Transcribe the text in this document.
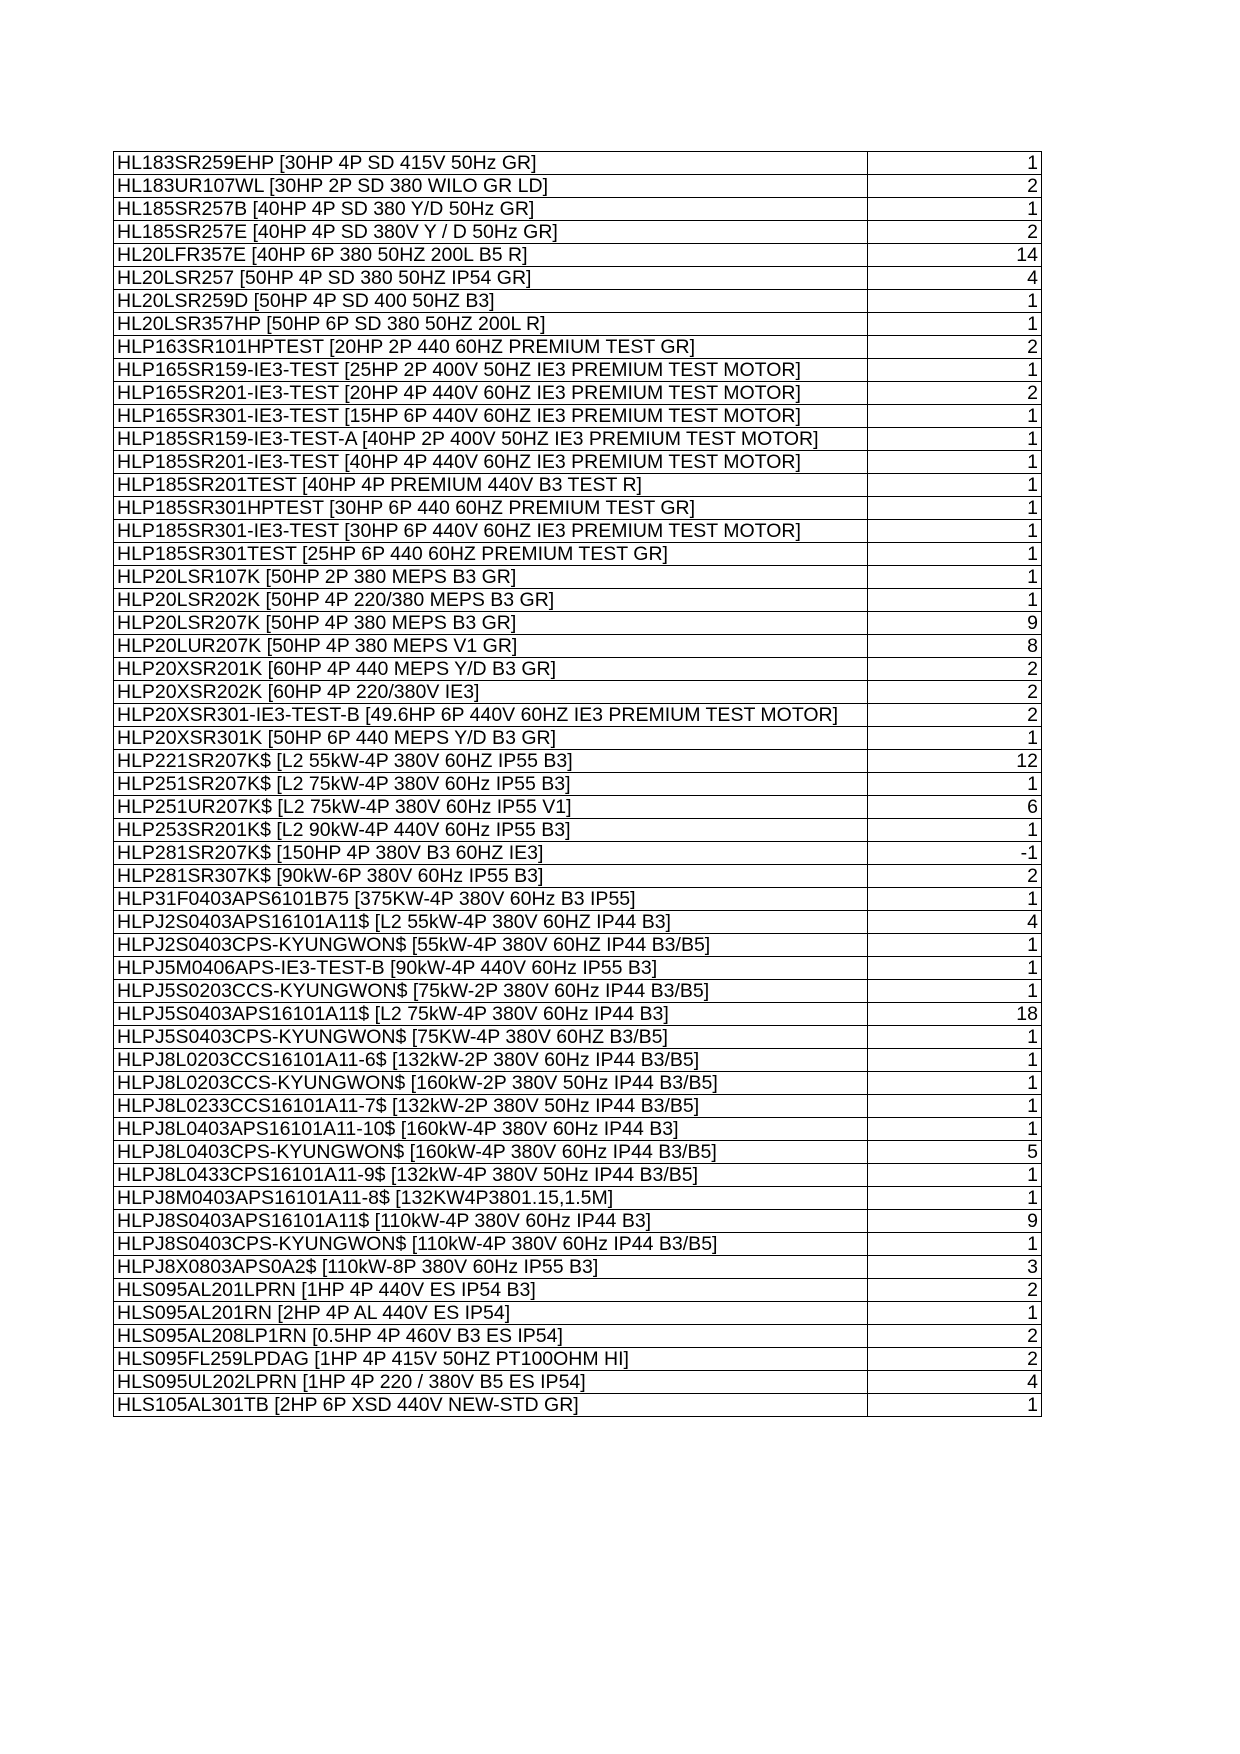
HL183SR259EHP [30HP 4P SD 415V 50Hz GR]	1
HL183UR107WL [30HP 2P SD 380 WILO GR LD]	2
HL185SR257B [40HP 4P SD 380 Y/D 50Hz GR]	1
HL185SR257E [40HP 4P SD 380V Y / D 50Hz GR]	2
HL20LFR357E [40HP 6P 380 50HZ 200L B5 R]	14
HL20LSR257 [50HP 4P SD 380 50HZ IP54 GR]	4
HL20LSR259D [50HP 4P SD 400 50HZ B3]	1
HL20LSR357HP [50HP 6P SD 380 50HZ 200L R]	1
HLP163SR101HPTEST [20HP 2P 440 60HZ PREMIUM TEST GR]	2
HLP165SR159-IE3-TEST [25HP 2P 400V 50HZ IE3 PREMIUM TEST MOTOR]	1
HLP165SR201-IE3-TEST [20HP 4P 440V 60HZ IE3 PREMIUM TEST MOTOR]	2
HLP165SR301-IE3-TEST [15HP 6P 440V 60HZ IE3 PREMIUM TEST MOTOR]	1
HLP185SR159-IE3-TEST-A [40HP 2P 400V 50HZ IE3 PREMIUM TEST MOTOR]	1
HLP185SR201-IE3-TEST [40HP 4P 440V 60HZ IE3 PREMIUM TEST MOTOR]	1
HLP185SR201TEST [40HP 4P PREMIUM 440V B3 TEST R]	1
HLP185SR301HPTEST [30HP 6P 440 60HZ PREMIUM TEST GR]	1
HLP185SR301-IE3-TEST [30HP 6P 440V 60HZ IE3 PREMIUM TEST MOTOR]	1
HLP185SR301TEST [25HP 6P 440 60HZ PREMIUM TEST GR]	1
HLP20LSR107K [50HP 2P 380 MEPS B3 GR]	1
HLP20LSR202K [50HP 4P 220/380 MEPS B3 GR]	1
HLP20LSR207K [50HP 4P 380 MEPS B3 GR]	9
HLP20LUR207K [50HP 4P 380 MEPS V1 GR]	8
HLP20XSR201K [60HP 4P 440 MEPS Y/D B3 GR]	2
HLP20XSR202K [60HP 4P 220/380V IE3]	2
HLP20XSR301-IE3-TEST-B [49.6HP 6P 440V 60HZ IE3 PREMIUM TEST MOTOR]	2
HLP20XSR301K [50HP 6P 440 MEPS Y/D B3 GR]	1
HLP221SR207K$ [L2 55kW-4P 380V 60HZ IP55 B3]	12
HLP251SR207K$ [L2 75kW-4P 380V 60Hz IP55 B3]	1
HLP251UR207K$ [L2 75kW-4P 380V 60Hz IP55 V1]	6
HLP253SR201K$ [L2 90kW-4P 440V 60Hz IP55 B3]	1
HLP281SR207K$ [150HP 4P 380V B3 60HZ IE3]	-1
HLP281SR307K$ [90kW-6P 380V 60Hz IP55 B3]	2
HLP31F0403APS6101B75 [375KW-4P 380V 60Hz B3 IP55]	1
HLPJ2S0403APS16101A11$ [L2 55kW-4P 380V 60HZ IP44 B3]	4
HLPJ2S0403CPS-KYUNGWON$ [55kW-4P 380V 60HZ IP44 B3/B5]	1
HLPJ5M0406APS-IE3-TEST-B [90kW-4P 440V 60Hz IP55 B3]	1
HLPJ5S0203CCS-KYUNGWON$ [75kW-2P 380V 60Hz IP44 B3/B5]	1
HLPJ5S0403APS16101A11$ [L2 75kW-4P 380V 60Hz IP44 B3]	18
HLPJ5S0403CPS-KYUNGWON$ [75KW-4P 380V 60HZ B3/B5]	1
HLPJ8L0203CCS16101A11-6$ [132kW-2P 380V 60Hz IP44 B3/B5]	1
HLPJ8L0203CCS-KYUNGWON$ [160kW-2P 380V 50Hz IP44 B3/B5]	1
HLPJ8L0233CCS16101A11-7$ [132kW-2P 380V 50Hz IP44 B3/B5]	1
HLPJ8L0403APS16101A11-10$ [160kW-4P 380V 60Hz IP44 B3]	1
HLPJ8L0403CPS-KYUNGWON$ [160kW-4P 380V 60Hz IP44 B3/B5]	5
HLPJ8L0433CPS16101A11-9$ [132kW-4P 380V 50Hz IP44 B3/B5]	1
HLPJ8M0403APS16101A11-8$ [132KW4P3801.15,1.5M]	1
HLPJ8S0403APS16101A11$ [110kW-4P 380V 60Hz IP44 B3]	9
HLPJ8S0403CPS-KYUNGWON$ [110kW-4P 380V 60Hz IP44 B3/B5]	1
HLPJ8X0803APS0A2$ [110kW-8P 380V 60Hz IP55 B3]	3
HLS095AL201LPRN [1HP 4P 440V ES IP54 B3]	2
HLS095AL201RN [2HP 4P AL 440V ES IP54]	1
HLS095AL208LP1RN [0.5HP 4P 460V B3 ES IP54]	2
HLS095FL259LPDAG [1HP 4P 415V 50HZ PT100OHM HI]	2
HLS095UL202LPRN [1HP 4P 220 / 380V B5 ES IP54]	4
HLS105AL301TB [2HP 6P XSD 440V NEW-STD GR]	1
